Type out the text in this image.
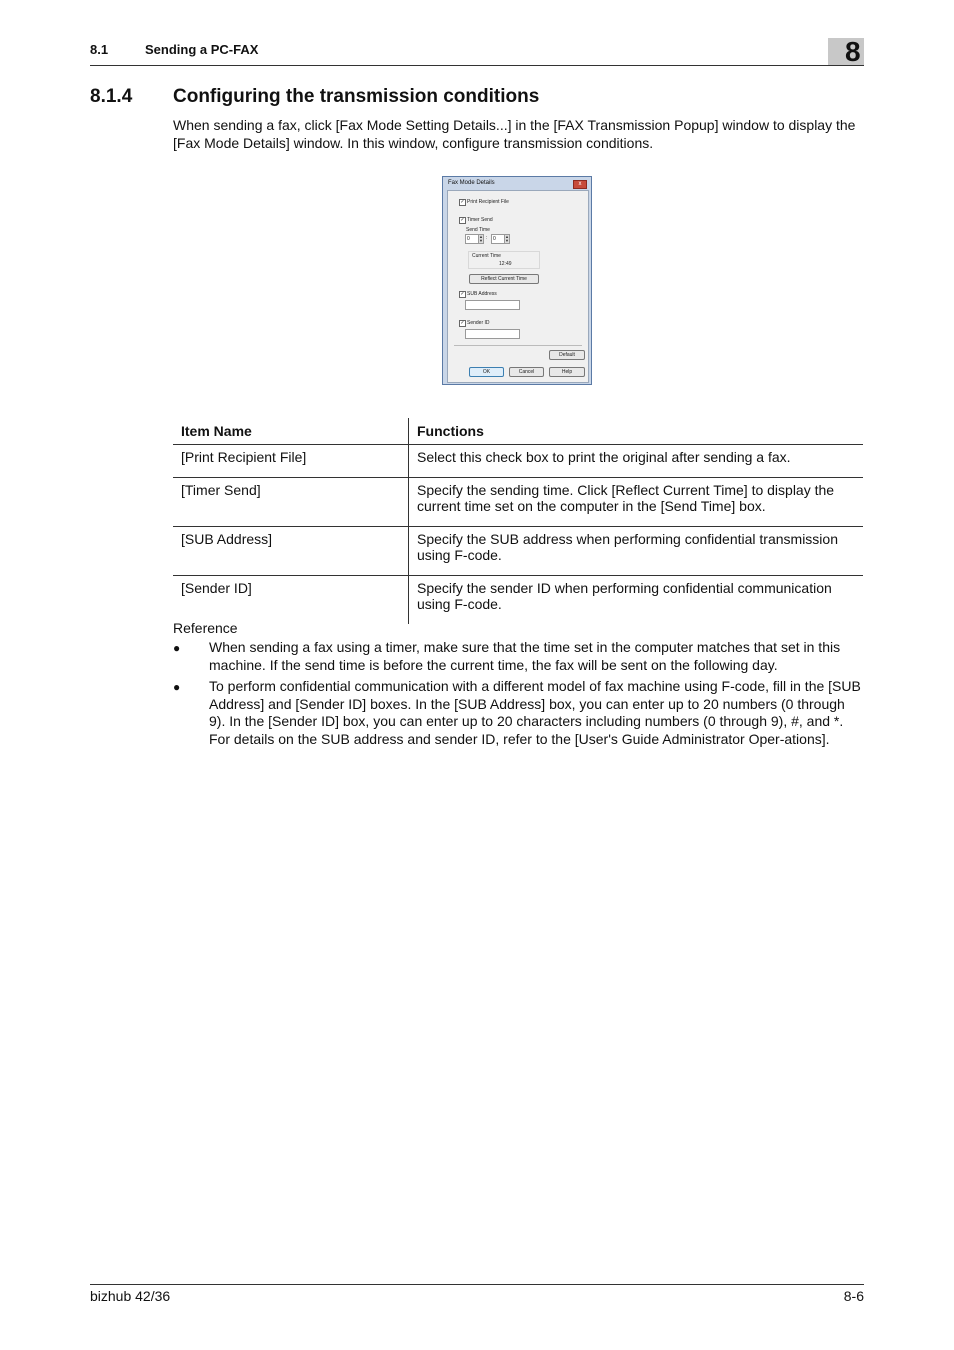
8.1	Sending a PC-FAX	8
8.1.4 Configuring the transmission conditions
When sending a fax, click [Fax Mode Setting Details...] in the [FAX Transmission Popup] window to display the [Fax Mode Details] window. In this window, configure transmission conditions.
Fax Mode Details	x
✓ Print Recipient File
✓ Timer Send
Send Time
0 ▲
▼ : 0 ▲
▼
Current Time
12:49
Reflect Current Time
✓ SUB Address
✓ Sender ID
Default
OK	Cancel	Help
Item Name	Functions
[Print Recipient File]	Select this check box to print the original after sending a fax.
[Timer Send]	Specify the sending time. Click [Reflect Current Time] to display the current time set on the computer in the [Send Time] box.
[SUB Address]	Specify the SUB address when performing confidential transmission using F-code.
[Sender ID]	Specify the sender ID when performing confidential communication using F-code.
Reference
● When sending a fax using a timer, make sure that the time set in the computer matches that set in this machine. If the send time is before the current time, the fax will be sent on the following day.
● To perform confidential communication with a different model of fax machine using F-code, fill in the [SUB Address] and [Sender ID] boxes. In the [SUB Address] box, you can enter up to 20 numbers (0 through 9). In the [Sender ID] box, you can enter up to 20 characters including numbers (0 through 9), #, and *. For details on the SUB address and sender ID, refer to the [User's Guide Administrator Oper-ations].
bizhub 42/36	8-6
